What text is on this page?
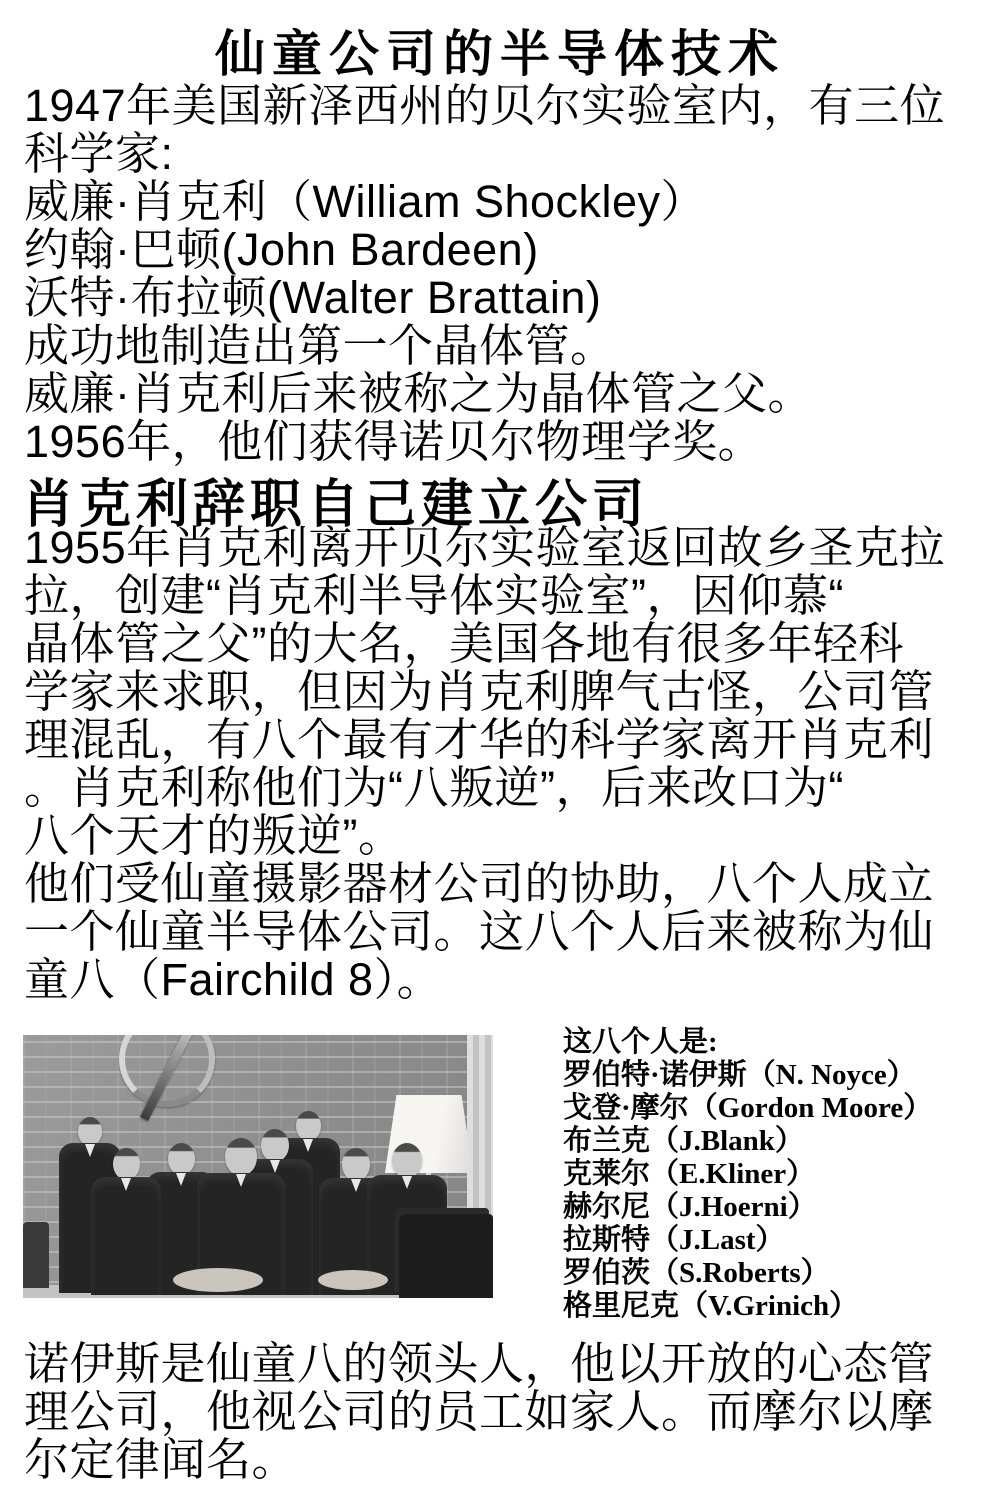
仙童公司的半导体技术
1947年美国新泽西州的贝尔实验室内，有三位
科学家:
威廉·肖克利（William Shockley）
约翰·巴顿(John Bardeen)
沃特·布拉顿(Walter Brattain)
成功地制造出第一个晶体管。
威廉·肖克利后来被称之为晶体管之父。
1956年，他们获得诺贝尔物理学奖。
肖克利辞职自己建立公司
1955年肖克利离开贝尔实验室返回故乡圣克拉
拉，创建“肖克利半导体实验室”，因仰慕“
晶体管之父”的大名，美国各地有很多年轻科
学家来求职，但因为肖克利脾气古怪，公司管
理混乱，有八个最有才华的科学家离开肖克利
。肖克利称他们为“八叛逆”，后来改口为“
八个天才的叛逆”。
他们受仙童摄影器材公司的协助，八个人成立
一个仙童半导体公司。这八个人后来被称为仙
童八（Fairchild 8）。
这八个人是:
罗伯特·诺伊斯（N. Noyce）
戈登·摩尔（Gordon Moore）
布兰克（J.Blank）
克莱尔（E.Kliner）
赫尔尼（J.Hoerni）
拉斯特（J.Last）
罗伯茨（S.Roberts）
格里尼克（V.Grinich）
诺伊斯是仙童八的领头人，他以开放的心态管
理公司，他视公司的员工如家人。而摩尔以摩
尔定律闻名。
